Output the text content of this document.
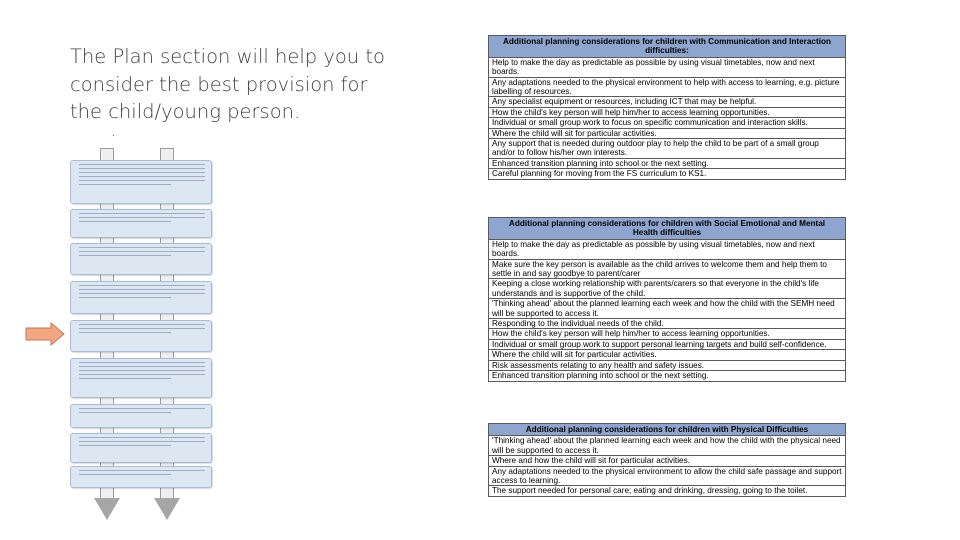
The Plan section will help you to consider the best provision for the child/young person.
.
Additional planning considerations for children with Communication and Interaction difficulties:
Help to make the day as predictable as possible by using visual timetables, now and next boards.
Any adaptations needed to the physical environment to help with access to learning, e.g. picture labelling of resources.
Any specialist equipment or resources, including ICT that may be helpful.
How the child's key person will help him/her to access learning opportunities.
Individual or small group work to focus on specific communication and interaction skills.
Where the child will sit for particular activities.
Any support that is needed during outdoor play to help the child to be part of a small group and/or to follow his/her own interests.
Enhanced transition planning into school or the next setting.
Careful planning for moving from the FS curriculum to KS1.
Additional planning considerations for children with Social Emotional and Mental Health difficulties
Help to make the day as predictable as possible by using visual timetables, now and next boards.
Make sure the key person is available as the child arrives to welcome them and help them to settle in and say goodbye to parent/carer
Keeping a close working relationship with parents/carers so that everyone in the child's life understands and is supportive of the child.
'Thinking ahead' about the planned learning each week and how the child with the SEMH need will be supported to access it.
Responding to the individual needs of the child.
How the child's key person will help him/her to access learning opportunities.
Individual or small group work to support personal learning targets and build self-confidence.
Where the child will sit for particular activities.
Risk assessments relating to any health and safety issues.
Enhanced transition planning into school or the next setting.
Additional planning considerations for children with Physical Difficulties
'Thinking ahead' about the planned learning each week and how the child with the physical need will be supported to access it.
Where and how the child will sit for particular activities.
Any adaptations needed to the physical environment to allow the child safe passage and support access to learning.
The support needed for personal care; eating and drinking, dressing, going to the toilet.
